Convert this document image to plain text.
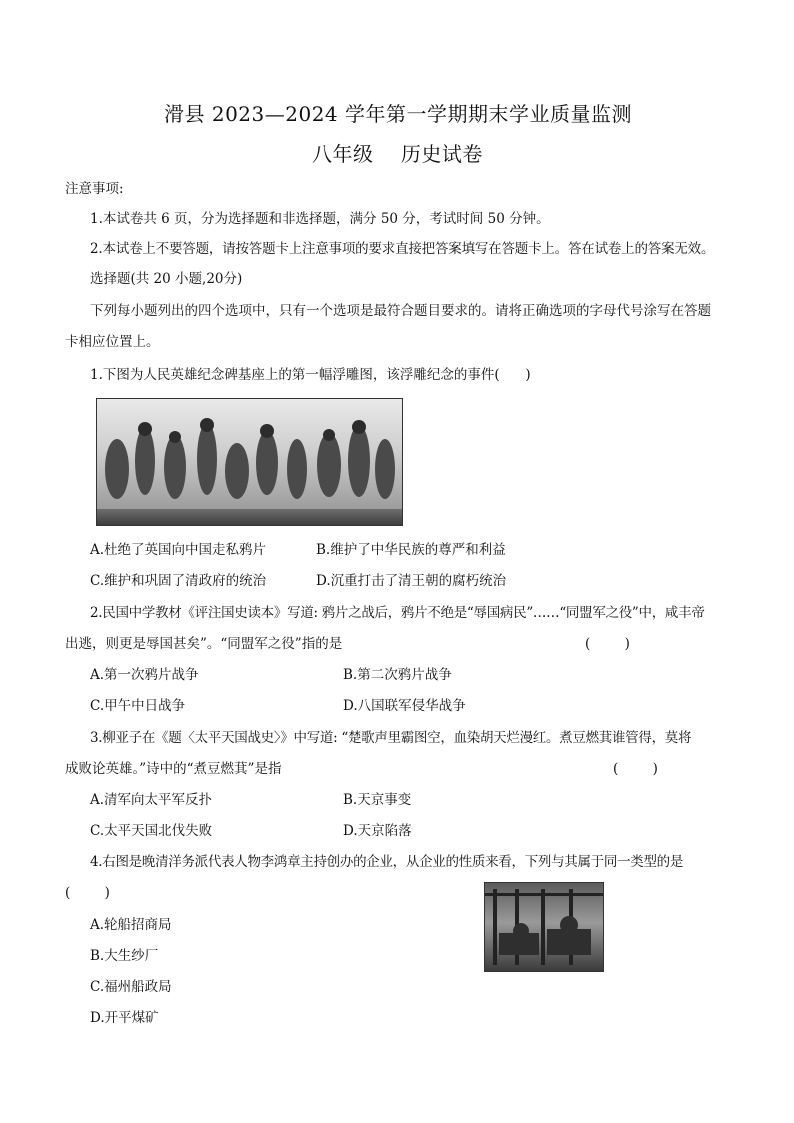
滑县 2023—2024 学年第一学期期末学业质量监测
八年级    历史试卷
注意事项:
1.本试卷共 6 页，分为选择题和非选择题，满分 50 分，考试时间 50 分钟。
2.本试卷上不要答题，请按答题卡上注意事项的要求直接把答案填写在答题卡上。答在试卷上的答案无效。
选择题(共 20 小题,20分)
下列每小题列出的四个选项中，只有一个选项是最符合题目要求的。请将正确选项的字母代号涂写在答题
卡相应位置上。
1.下图为人民英雄纪念碑基座上的第一幅浮雕图，该浮雕纪念的事件(      )
A.杜绝了英国向中国走私鸦片	B.维护了中华民族的尊严和利益
C.维护和巩固了清政府的统治	D.沉重打击了清王朝的腐朽统治
2.民国中学教材《评注国史读本》写道: 鸦片之战后，鸦片不绝是“辱国病民”……“同盟军之役”中，咸丰帝
出逃，则更是辱国甚矣”。“同盟军之役”指的是	(        )
A.第一次鸦片战争	B.第二次鸦片战争
C.甲午中日战争	D.八国联军侵华战争
3.柳亚子在《题〈太平天国战史〉》中写道: “楚歌声里霸图空，血染胡天烂漫红。煮豆燃萁谁管得，莫将
成败论英雄。”诗中的“煮豆燃萁”是指	(        )
A.清军向太平军反扑	B.天京事变
C.太平天国北伐失败	D.天京陷落
4.右图是晚清洋务派代表人物李鸿章主持创办的企业，从企业的性质来看，下列与其属于同一类型的是
(        )
A.轮船招商局
B.大生纱厂
C.福州船政局
D.开平煤矿
